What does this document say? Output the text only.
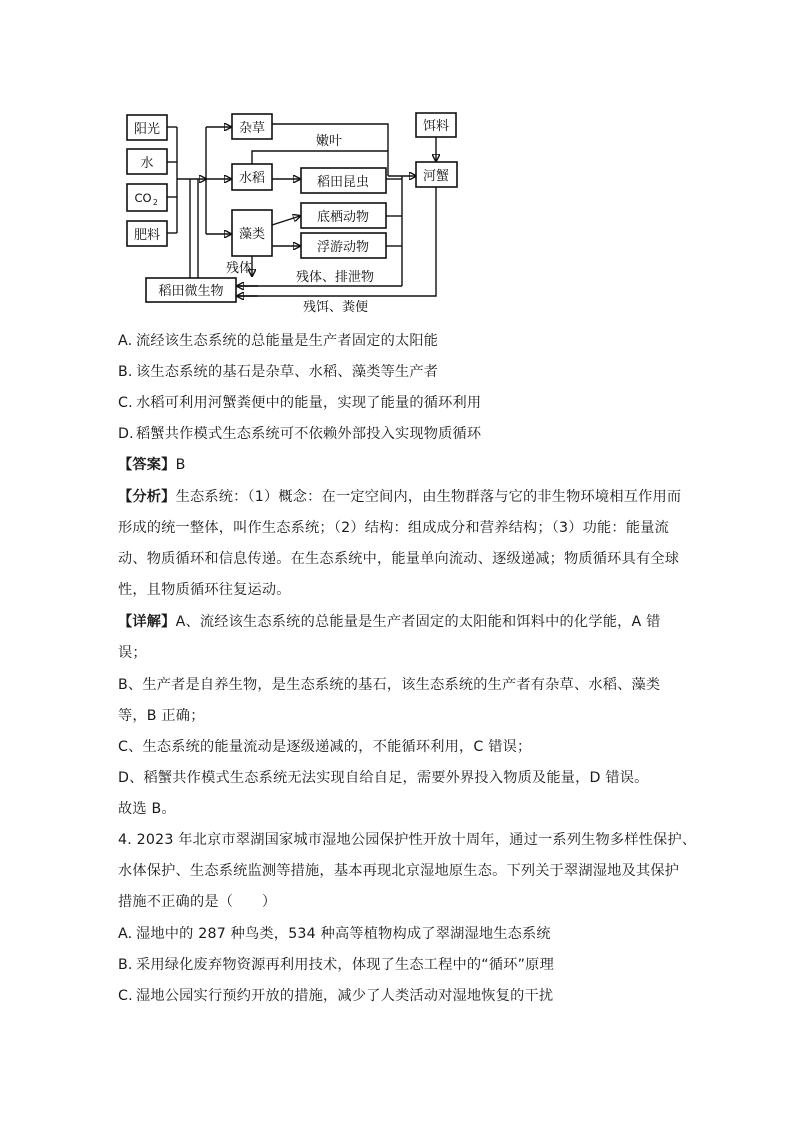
阳光
水
CO 2
肥料
杂草
水稻
藻类
稻田昆虫
底栖动物
浮游动物
嫩叶
饵料
河蟹
稻田微生物
残体
残体、排泄物
残饵、粪便

A. 流经该生态系统的总能量是生产者固定的太阳能

B. 该生态系统的基石是杂草、水稻、藻类等生产者

C. 水稻可利用河蟹粪便中的能量，实现了能量的循环利用

D. 稻蟹共作模式生态系统可不依赖外部投入实现物质循环

【答案】B

【分析】生态系统：（1）概念：在一定空间内，由生物群落与它的非生物环境相互作用而

形成的统一整体，叫作生态系统；（2）结构：组成成分和营养结构；（3）功能：能量流

动、物质循环和信息传递。在生态系统中，能量单向流动、逐级递减；物质循环具有全球

性，且物质循环往复运动。

【详解】A、流经该生态系统的总能量是生产者固定的太阳能和饵料中的化学能，A 错

误；

B、生产者是自养生物，是生态系统的基石，该生态系统的生产者有杂草、水稻、藻类

等，B 正确；

C、生态系统的能量流动是逐级递减的，不能循环利用，C 错误；

D、稻蟹共作模式生态系统无法实现自给自足，需要外界投入物质及能量，D 错误。

故选 B。

4. 2023 年北京市翠湖国家城市湿地公园保护性开放十周年，通过一系列生物多样性保护、

水体保护、生态系统监测等措施，基本再现北京湿地原生态。下列关于翠湖湿地及其保护

措施不正确的是（　　）

A. 湿地中的 287 种鸟类，534 种高等植物构成了翠湖湿地生态系统

B. 采用绿化废弃物资源再利用技术，体现了生态工程中的“循环”原理

C. 湿地公园实行预约开放的措施，减少了人类活动对湿地恢复的干扰
